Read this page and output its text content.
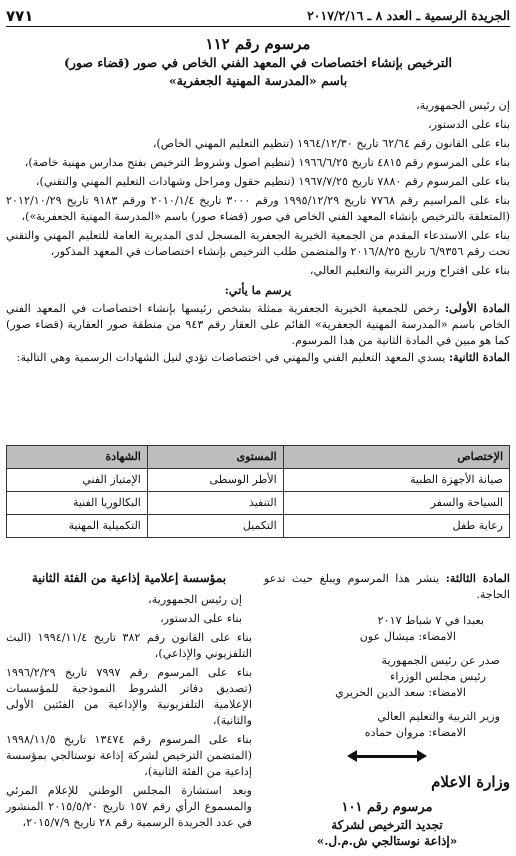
الجريدة الرسمية ـ العدد ٨ ـ ٢٠١٧/٢/١٦
٧٧١
مرسوم رقم ١١٢
الترخيص بإنشاء اختصاصات في المعهد الفني الخاص في صور (قضاء صور)
باسم «المدرسة المهنية الجعفرية»

إن رئيس الجمهورية،

بناء على الدستور،

بناء على القانون رقم ٦٢/٦٤ تاريخ ١٩٦٤/١٢/٣٠ (تنظيم التعليم المهني الخاص)،

بناء على المرسوم رقم ٤٨١٥ تاريخ ١٩٦٦/٦/٢٥ (تنظيم اصول وشروط الترخيص بفتح مدارس مهنية خاصة)،

بناء على المرسوم رقم ٧٨٨٠ تاريخ ١٩٦٧/٧/٢٥ (تنظيم حقول ومراحل وشهادات التعليم المهني والتقني)،

بناء على المراسيم رقم ٧٧٦٨ تاريخ ١٩٩٥/١٢/٢٩ ورقم ٣٠٠٠ تاريخ ٢٠١٠/١/٤ ورقم ٩١٨٣ تاريخ ٢٠١٢/١٠/٢٩ (المتعلقة بالترخيص بإنشاء المعهد الفني الخاص في صور (قضاء صور) باسم «المدرسة المهنية الجعفرية»)،

بناء على الاستدعاء المقدم من الجمعية الخيرية الجعفرية المسجل لدى المديرية العامة للتعليم المهني والتقني تحت رقم ٦/٩٣٥٦ تاريخ ٢٠١٦/٨/٢٥ والمتضمن طلب الترخيص بإنشاء اختصاصات في المعهد المذكور،

بناء على اقتراح وزير التربية والتعليم العالي،

يرسم ما يأتي:

المادة الأولى: رخص للجمعية الخيرية الجعفرية ممثلة بشخص رئيسها بإنشاء اختصاصات في المعهد الفني الخاص باسم «المدرسة المهنية الجعفرية» القائم على العقار رقم ٩٤٣ من منطقة صور العقارية (قضاء صور) كما هو مبين في المادة الثانية من هذا المرسوم.

المادة الثانية: يسدي المعهد التعليم الفني والمهني في اختصاصات تؤدي لنيل الشهادات الرسمية وهي التالية:

الإختصاص	المستوى	الشهادة
صيانة الأجهزة الطبية	الأطر الوسطى	الإمتياز الفني
السياحة والسفر	التنفيذ	البكالوريا الفنية
رعاية طفل	التكميل	التكميلية المهنية

المادة الثالثة: ينشر هذا المرسوم ويبلغ حيث تدعو الحاجة.

بعبدا في ٧ شباط ٢٠١٧
الامضاء: ميشال عون
صدر عن رئيس الجمهورية
رئيس مجلس الوزراء
الامضاء: سعد الدين الحريري
وزير التربية والتعليم العالي
الامضاء: مروان حماده
وزارة الاعلام
مرسوم رقم ١٠١
تجديد الترخيص لشركة
«إذاعة نوستالجي ش.م.ل.»
بمؤسسة إعلامية إذاعية من الفئة الثانية

إن رئيس الجمهورية،

بناء على الدستور،

بناء على القانون رقم ٣٨٢ تاريخ ١٩٩٤/١١/٤ (البث التلفزيوني والإذاعي)،

بناء على المرسوم رقم ٧٩٩٧ تاريخ ١٩٩٦/٢/٢٩ (تصديق دفاتر الشروط النموذجية للمؤسسات الإعلامية التلفزيونية والإذاعية من الفئتين الأولى والثانية)،

بناء على المرسوم رقم ١٣٤٧٤ تاريخ ١٩٩٨/١١/٥ (المتضمن الترخيص لشركة إذاعة نوستالجي بمؤسسة إذاعية من الفئة الثانية)،

وبعد استشارة المجلس الوطني للإعلام المرئي والمسموع الرأي رقم ١٥٧ تاريخ ٢٠١٥/٥/٢٠ المنشور في عدد الجريدة الرسمية رقم ٢٨ تاريخ ٢٠١٥/٧/٩،
